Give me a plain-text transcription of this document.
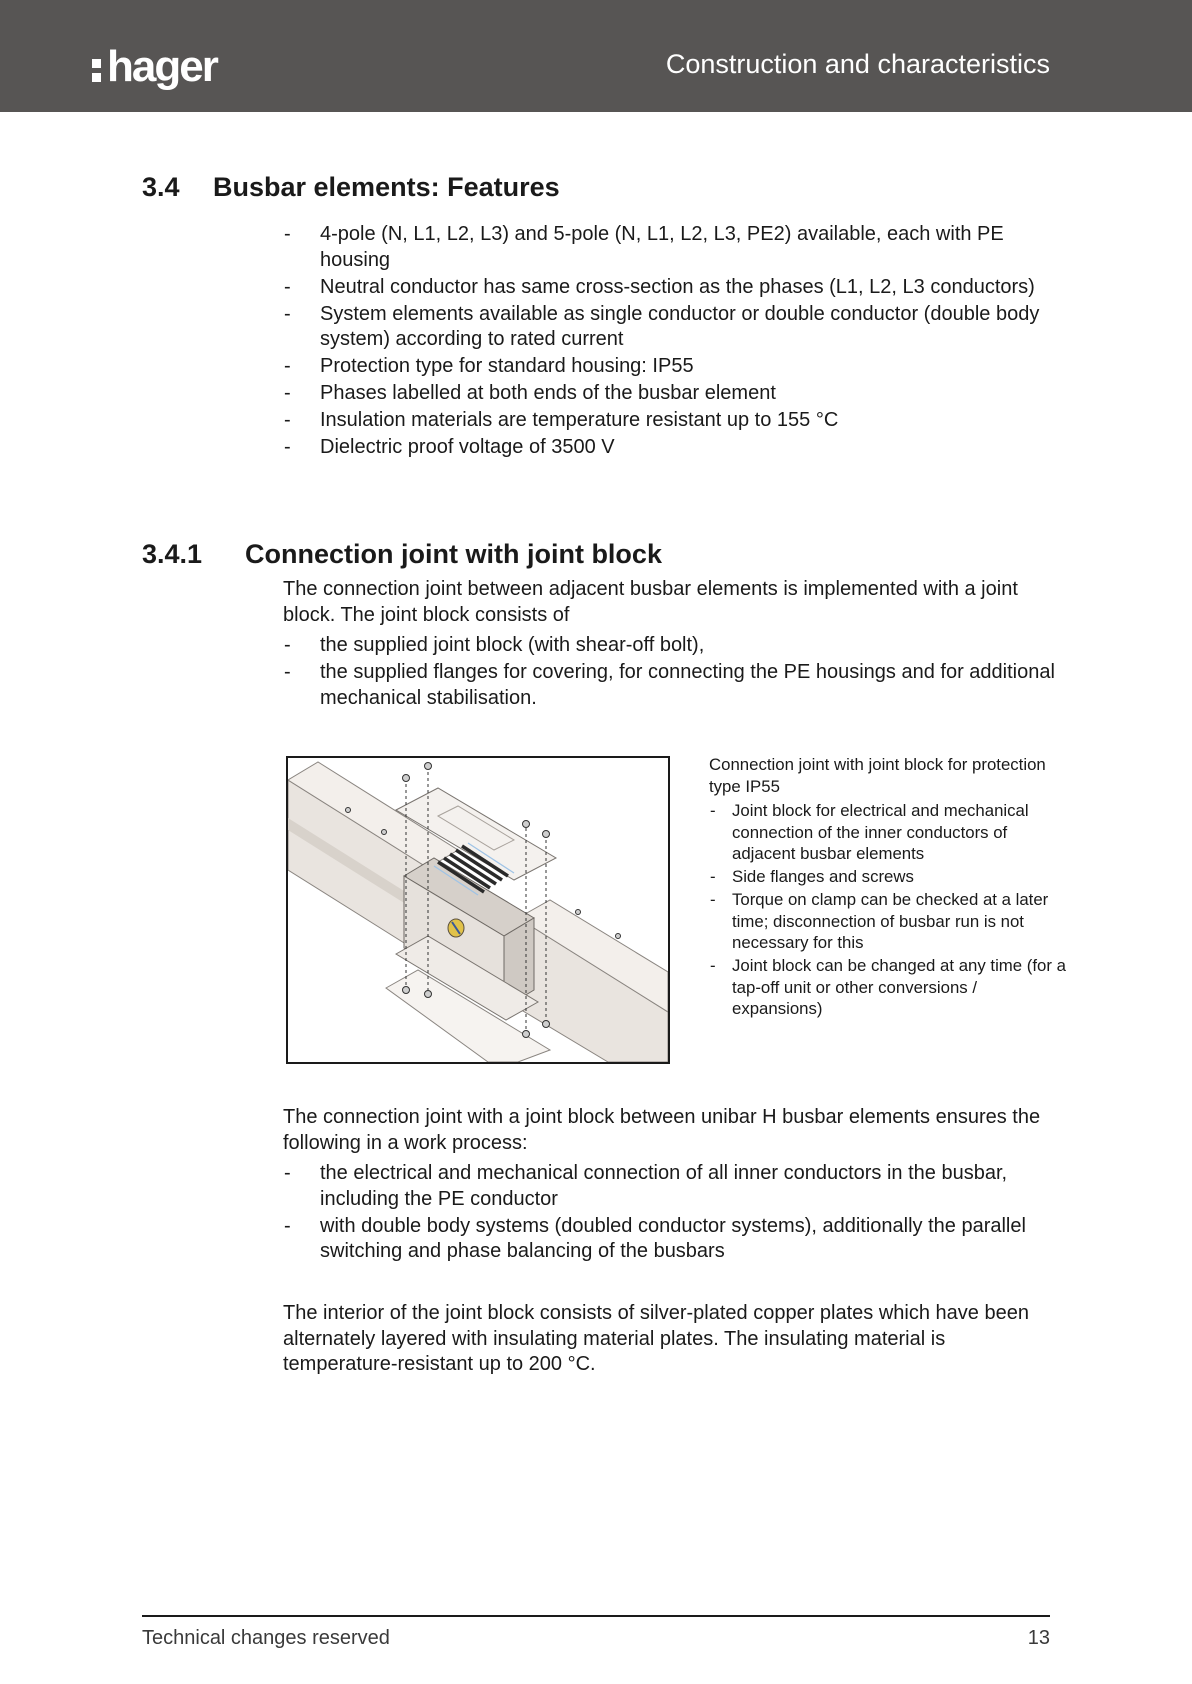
hager	Construction and characteristics
3.4 Busbar elements: Features
- 4-pole (N, L1, L2, L3) and 5-pole (N, L1, L2, L3, PE2) available, each with PE housing
- Neutral conductor has same cross-section as the phases (L1, L2, L3 conductors)
- System elements available as single conductor or double conductor (double body system) according to rated current
- Protection type for standard housing: IP55
- Phases labelled at both ends of the busbar element
- Insulation materials are temperature resistant up to 155 °C
- Dielectric proof voltage of 3500 V
3.4.1 Connection joint with joint block

The connection joint between adjacent busbar elements is implemented with a joint block. The joint block consists of

- the supplied joint block (with shear-off bolt),
- the supplied flanges for covering, for connecting the PE housings and for additional mechanical stabilisation.

Connection joint with joint block for protection type IP55

- Joint block for electrical and mechanical connection of the inner conductors of adjacent busbar elements
- Side flanges and screws
- Torque on clamp can be checked at a later time; disconnection of busbar run is not necessary for this
- Joint block can be changed at any time (for a tap-off unit or other conversions / expansions)

The connection joint with a joint block between unibar H busbar elements ensures the following in a work process:

- the electrical and mechanical connection of all inner conductors in the busbar, including the PE conductor
- with double body systems (doubled conductor systems), additionally the parallel switching and phase balancing of the busbars

The interior of the joint block consists of silver-plated copper plates which have been alternately layered with insulating material plates. The insulating material is temperature-resistant up to 200 °C.

Technical changes reserved	13
